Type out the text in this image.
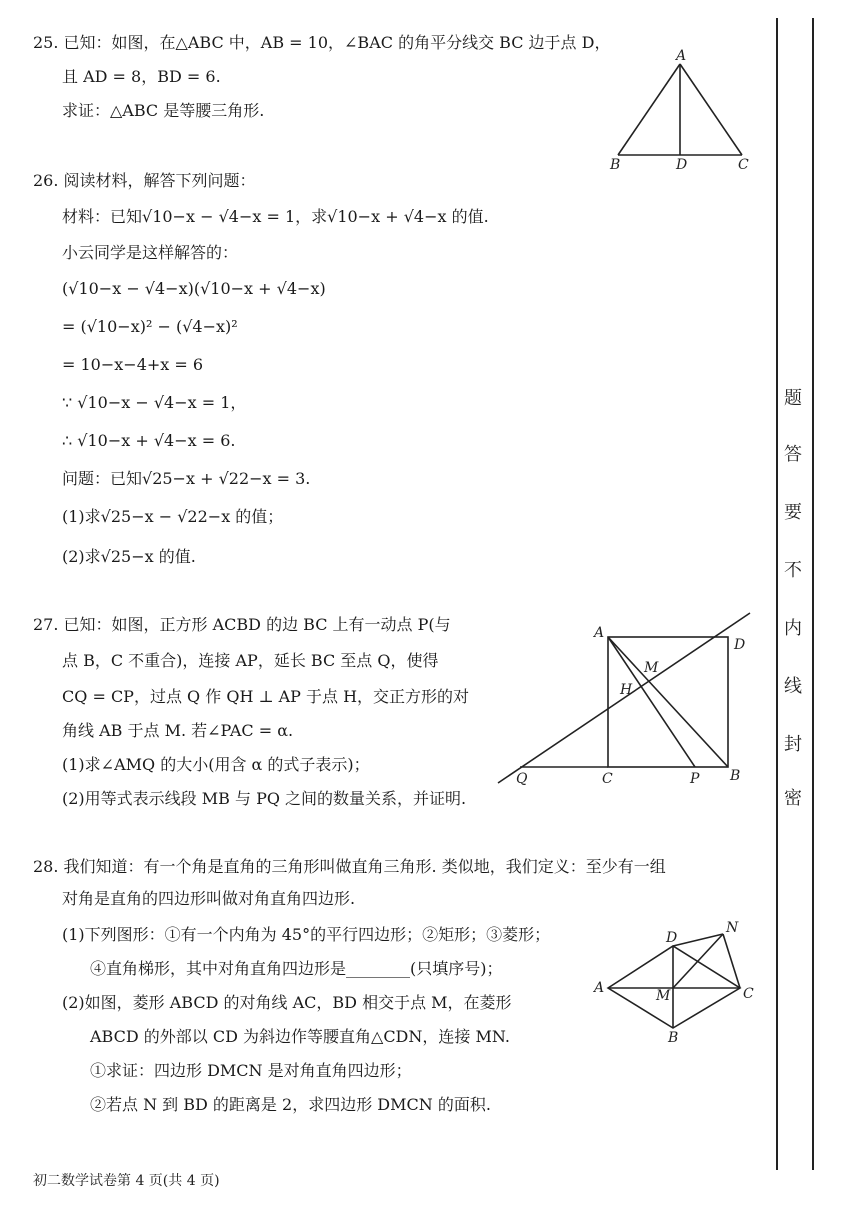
25. 已知：如图，在△ABC 中，AB = 10，∠BAC 的角平分线交 BC 边于点 D，
且 AD = 8，BD = 6.
求证：△ABC 是等腰三角形.
A
B	D	C
26. 阅读材料，解答下列问题：
材料：已知√10−x − √4−x = 1，求√10−x + √4−x 的值.
小云同学是这样解答的：
(√10−x − √4−x)(√10−x + √4−x)
= (√10−x)² − (√4−x)²
= 10−x−4+x = 6
∵ √10−x − √4−x = 1，
∴ √10−x + √4−x = 6.
问题：已知√25−x + √22−x = 3.
(1)求√25−x − √22−x 的值；
(2)求√25−x 的值.
27. 已知：如图，正方形 ACBD 的边 BC 上有一动点 P(与
点 B，C 不重合)，连接 AP，延长 BC 至点 Q，使得
CQ = CP，过点 Q 作 QH ⊥ AP 于点 H，交正方形的对
角线 AB 于点 M. 若∠PAC = α.
(1)求∠AMQ 的大小(用含 α 的式子表示)；
(2)用等式表示线段 MB 与 PQ 之间的数量关系，并证明.
A
D
M
H
Q	C	P B
28. 我们知道：有一个角是直角的三角形叫做直角三角形. 类似地，我们定义：至少有一组
对角是直角的四边形叫做对角直角四边形.
(1)下列图形：①有一个内角为 45°的平行四边形；②矩形；③菱形；
④直角梯形，其中对角直角四边形是________(只填序号)；
(2)如图，菱形 ABCD 的对角线 AC，BD 相交于点 M，在菱形
ABCD 的外部以 CD 为斜边作等腰直角△CDN，连接 MN.
①求证：四边形 DMCN 是对角直角四边形；
②若点 N 到 BD 的距离是 2，求四边形 DMCN 的面积.
A
D
N
C
M
B
题
答
要
不
内
线
封
密
初二数学试卷第 4 页(共 4 页)
